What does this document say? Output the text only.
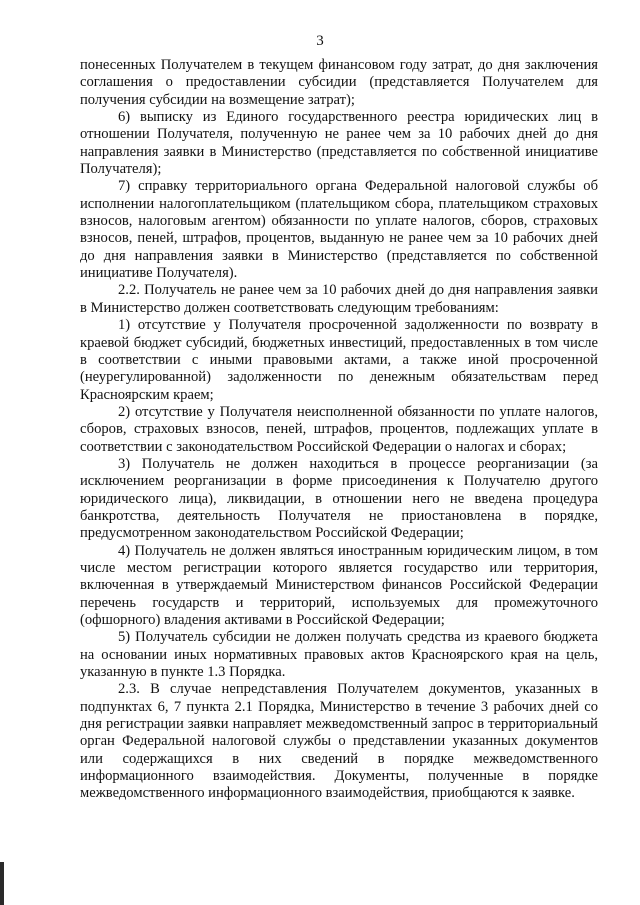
3

понесенных Получателем в текущем финансовом году затрат, до дня заключения соглашения о предоставлении субсидии (представляется Получателем для получения субсидии на возмещение затрат);

6) выписку из Единого государственного реестра юридических лиц в отношении Получателя, полученную не ранее чем за 10 рабочих дней до дня направления заявки в Министерство (представляется по собственной инициативе Получателя);

7) справку территориального органа Федеральной налоговой службы об исполнении налогоплательщиком (плательщиком сбора, плательщиком страховых взносов, налоговым агентом) обязанности по уплате налогов, сборов, страховых взносов, пеней, штрафов, процентов, выданную не ранее чем за 10 рабочих дней до дня направления заявки в Министерство (представляется по собственной инициативе Получателя).

2.2. Получатель не ранее чем за 10 рабочих дней до дня направления заявки в Министерство должен соответствовать следующим требованиям:

1) отсутствие у Получателя просроченной задолженности по возврату в краевой бюджет субсидий, бюджетных инвестиций, предоставленных в том числе в соответствии с иными правовыми актами, а также иной просроченной (неурегулированной) задолженности по денежным обязательствам перед Красноярским краем;

2) отсутствие у Получателя неисполненной обязанности по уплате налогов, сборов, страховых взносов, пеней, штрафов, процентов, подлежащих уплате в соответствии с законодательством Российской Федерации о налогах и сборах;

3) Получатель не должен находиться в процессе реорганизации (за исключением реорганизации в форме присоединения к Получателю другого юридического лица), ликвидации, в отношении него не введена процедура банкротства, деятельность Получателя не приостановлена в порядке, предусмотренном законодательством Российской Федерации;

4) Получатель не должен являться иностранным юридическим лицом, в том числе местом регистрации которого является государство или территория, включенная в утверждаемый Министерством финансов Российской Федерации перечень государств и территорий, используемых для промежуточного (офшорного) владения активами в Российской Федерации;

5) Получатель субсидии не должен получать средства из краевого бюджета на основании иных нормативных правовых актов Красноярского края на цель, указанную в пункте 1.3 Порядка.

2.3. В случае непредставления Получателем документов, указанных в подпунктах 6, 7 пункта 2.1 Порядка, Министерство в течение 3 рабочих дней со дня регистрации заявки направляет межведомственный запрос в территориальный орган Федеральной налоговой службы о представлении указанных документов или содержащихся в них сведений в порядке межведомственного информационного взаимодействия. Документы, полученные в порядке межведомственного информационного взаимодействия, приобщаются к заявке.
